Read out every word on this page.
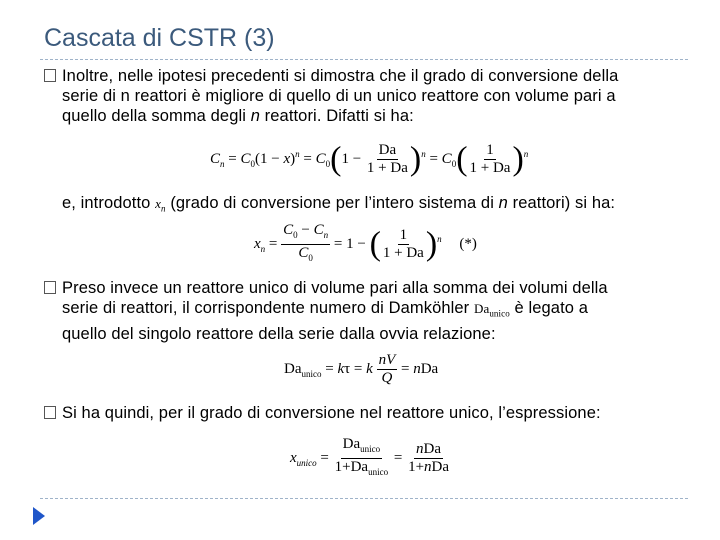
Cascata di CSTR (3)
Inoltre, nelle ipotesi precedenti si dimostra che il grado di conversione della
serie di n reattori è migliore di quello di un unico reattore con volume pari a
quello della somma degli n reattori. Difatti si ha:
$C_n = C_0(1 - x)^n = C_0(1 - \frac{Da}{1 + Da} )^n = C_0( \frac{1}{1 + Da} )^n$
e, introdotto $x_n$ (grado di conversione per l’intero sistema di n reattori) si ha:
$x_n = \frac{C_0 - C_n}{C_0} = 1$ − ( $\frac{1}{1 + Da} )^n$ (*)
Preso invece un reattore unico di volume pari alla somma dei volumi della
serie di reattori, il corrispondente numero di Damköhler $Da_{unico}$ è legato a
quello del singolo reattore della serie dalla ovvia relazione:
$Da_{unico} = k\tau = k \frac{nV}{Q}$ = nDa
Si ha quindi, per il grado di conversione nel reattore unico, l’espressione:
$x_{unico} = \frac{Da_{unico}}{1+Da_{unico}} = \frac{\text{nDa}}{\text{1+nDa}}$
